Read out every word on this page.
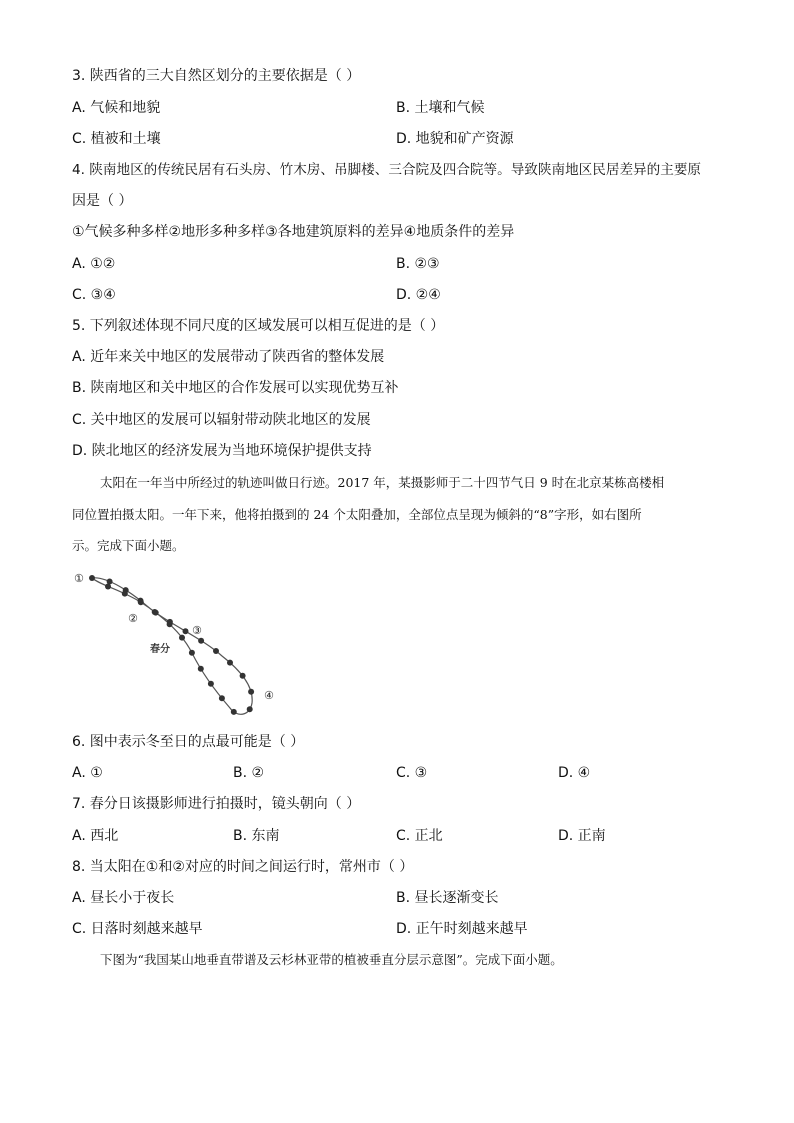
3. 陕西省的三大自然区划分的主要依据是（ ）
A. 气候和地貌	B. 土壤和气候
C. 植被和土壤	D. 地貌和矿产资源
4. 陕南地区的传统民居有石头房、竹木房、吊脚楼、三合院及四合院等。导致陕南地区民居差异的主要原
因是（ ）
①气候多种多样②地形多种多样③各地建筑原料的差异④地质条件的差异
A. ①②	B. ②③
C. ③④	D. ②④
5. 下列叙述体现不同尺度的区域发展可以相互促进的是（ ）
A. 近年来关中地区的发展带动了陕西省的整体发展
B. 陕南地区和关中地区的合作发展可以实现优势互补
C. 关中地区的发展可以辐射带动陕北地区的发展
D. 陕北地区的经济发展为当地环境保护提供支持
太阳在一年当中所经过的轨迹叫做日行迹。2017 年，某摄影师于二十四节气日 9 时在北京某栋高楼相
同位置拍摄太阳。一年下来，他将拍摄到的 24 个太阳叠加，全部位点呈现为倾斜的“8”字形，如右图所
示。完成下面小题。
①
②
③
春分
④
6. 图中表示冬至日的点最可能是（ ）
A. ①	B. ②	C. ③	D. ④
7. 春分日该摄影师进行拍摄时，镜头朝向（ ）
A. 西北	B. 东南	C. 正北	D. 正南
8. 当太阳在①和②对应的时间之间运行时，常州市（ ）
A. 昼长小于夜长	B. 昼长逐渐变长
C. 日落时刻越来越早	D. 正午时刻越来越早
下图为“我国某山地垂直带谱及云杉林亚带的植被垂直分层示意图”。完成下面小题。
